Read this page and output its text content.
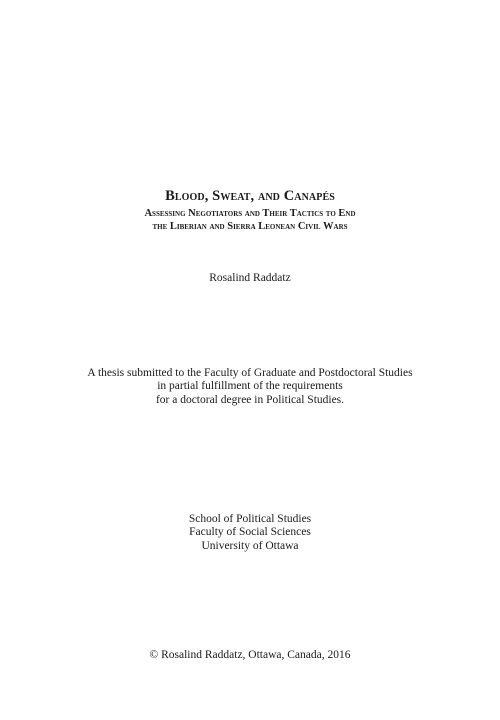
Blood, Sweat, and Canapés
Assessing Negotiators and Their Tactics to End
the Liberian and Sierra Leonean Civil Wars
Rosalind Raddatz
A thesis submitted to the Faculty of Graduate and Postdoctoral Studies
in partial fulfillment of the requirements
for a doctoral degree in Political Studies.
School of Political Studies
Faculty of Social Sciences
University of Ottawa
© Rosalind Raddatz, Ottawa, Canada, 2016
